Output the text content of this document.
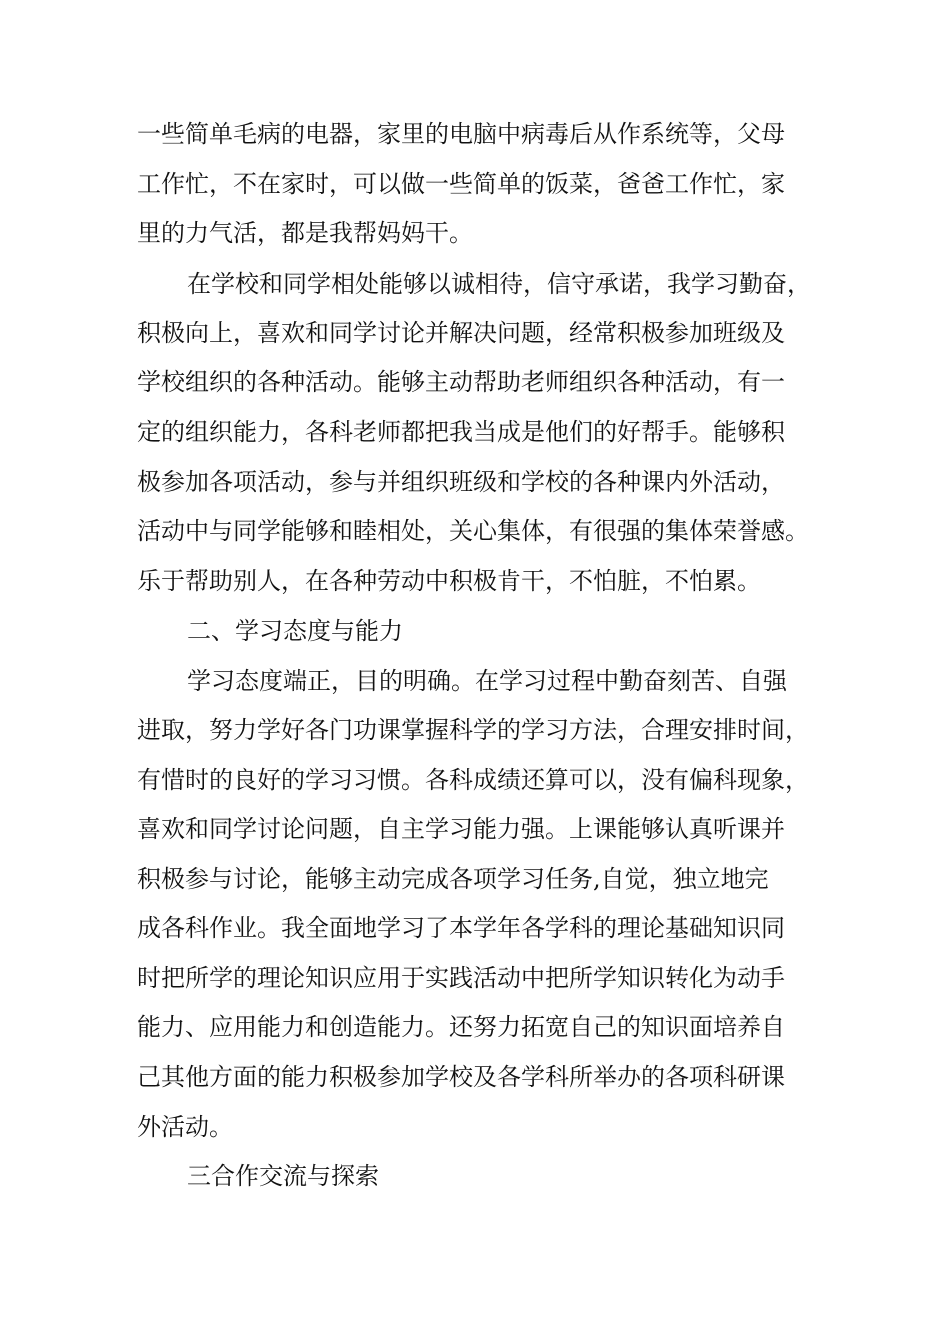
一些简单毛病的电器，家里的电脑中病毒后从作系统等，父母
工作忙，不在家时，可以做一些简单的饭菜，爸爸工作忙，家
里的力气活，都是我帮妈妈干。
在学校和同学相处能够以诚相待，信守承诺，我学习勤奋，
积极向上，喜欢和同学讨论并解决问题，经常积极参加班级及
学校组织的各种活动。能够主动帮助老师组织各种活动，有一
定的组织能力，各科老师都把我当成是他们的好帮手。能够积
极参加各项活动，参与并组织班级和学校的各种课内外活动，
活动中与同学能够和睦相处，关心集体，有很强的集体荣誉感。
乐于帮助别人，在各种劳动中积极肯干，不怕脏，不怕累。
二、学习态度与能力
学习态度端正，目的明确。在学习过程中勤奋刻苦、自强
进取，努力学好各门功课掌握科学的学习方法，合理安排时间，
有惜时的良好的学习习惯。各科成绩还算可以，没有偏科现象，
喜欢和同学讨论问题，自主学习能力强。上课能够认真听课并
积极参与讨论，能够主动完成各项学习任务,自觉，独立地完
成各科作业。我全面地学习了本学年各学科的理论基础知识同
时把所学的理论知识应用于实践活动中把所学知识转化为动手
能力、应用能力和创造能力。还努力拓宽自己的知识面培养自
己其他方面的能力积极参加学校及各学科所举办的各项科研课
外活动。
三合作交流与探索
